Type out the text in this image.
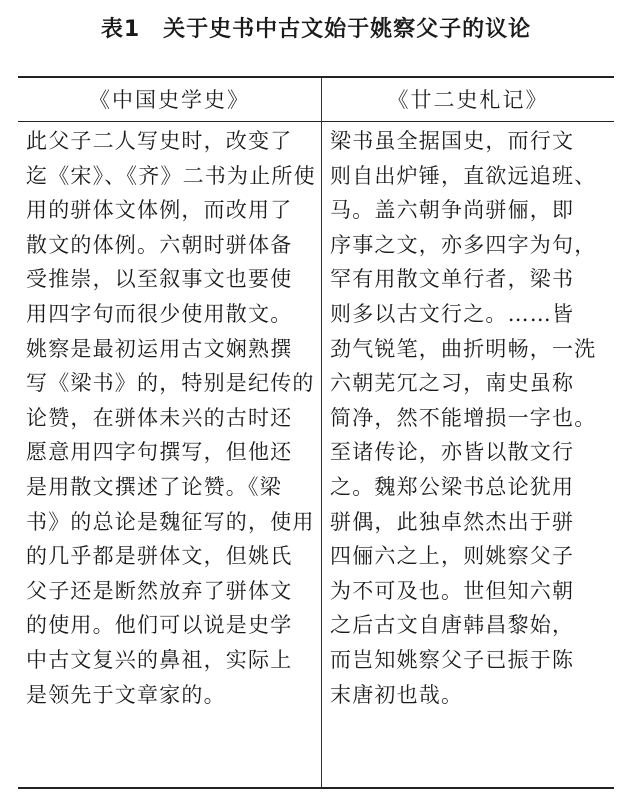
表1　关于史书中古文始于姚察父子的议论
《中国史学史》	《廿二史札记》
此父子二人写史时，改变了
迄《宋》、《齐》二书为止所使
用的骈体文体例，而改用了
散文的体例。六朝时骈体备
受推崇，以至叙事文也要使
用四字句而很少使用散文。
姚察是最初运用古文娴熟撰
写《梁书》的，特别是纪传的
论赞，在骈体未兴的古时还
愿意用四字句撰写，但他还
是用散文撰述了论赞。《梁
书》的总论是魏征写的，使用
的几乎都是骈体文，但姚氏
父子还是断然放弃了骈体文
的使用。他们可以说是史学
中古文复兴的鼻祖，实际上
是领先于文章家的。
梁书虽全据国史，而行文
则自出炉锤，直欲远追班、
马。盖六朝争尚骈俪，即
序事之文，亦多四字为句，
罕有用散文单行者，梁书
则多以古文行之。……皆
劲气锐笔，曲折明畅，一洗
六朝芜冗之习，南史虽称
简净，然不能增损一字也。
至诸传论，亦皆以散文行
之。魏郑公梁书总论犹用
骈偶，此独卓然杰出于骈
四俪六之上，则姚察父子
为不可及也。世但知六朝
之后古文自唐韩昌黎始，
而岂知姚察父子已振于陈
末唐初也哉。
